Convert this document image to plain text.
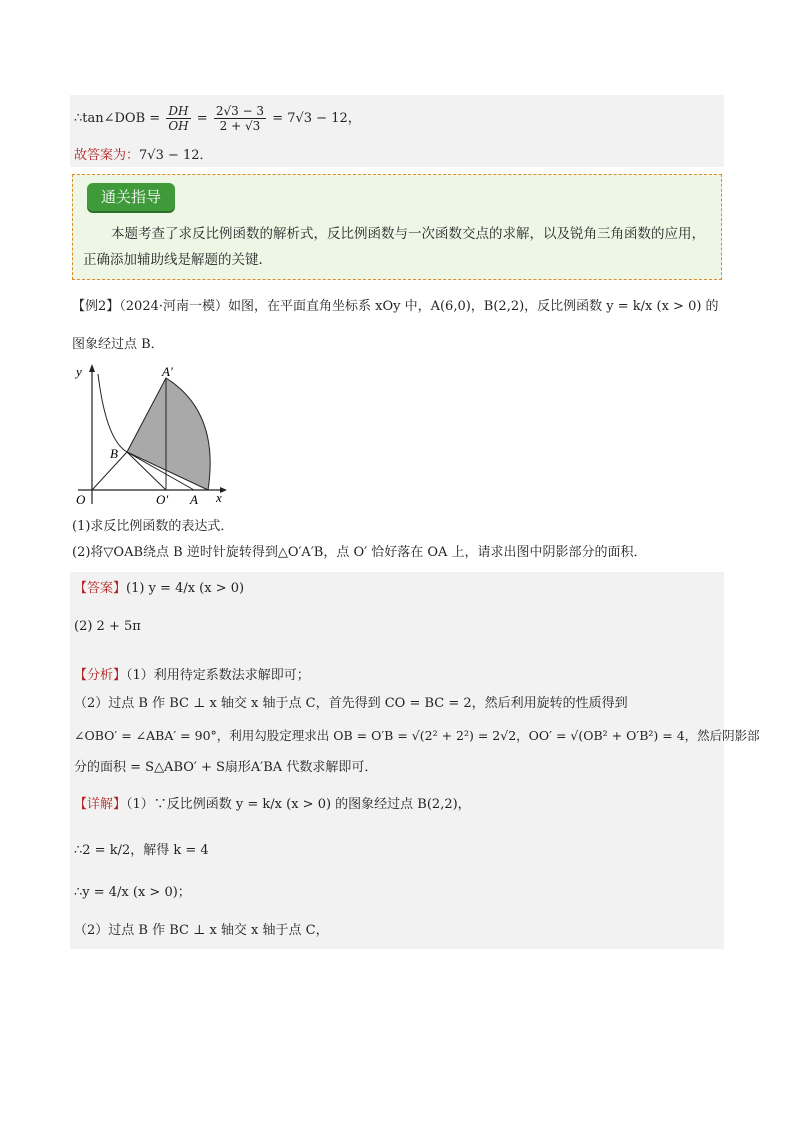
∴tan∠DOB = $\frac{DH}{OH} = \frac{2√3 - 3}{2 + √3} = 7√3 - 12$，
故答案为：7√3 − 12．
通关指导
本题考查了求反比例函数的解析式，反比例函数与一次函数交点的求解，以及锐角三角函数的应用，正确添加辅助线是解题的关键．
【例2】（2024·河南一模）如图，在平面直角坐标系 xOy 中，A(6,0)，B(2,2)，反比例函数 y = k/x (x > 0) 的
图象经过点 B．
y
x
O	O′ A
A′
B
(1)求反比例函数的表达式．
(2)将▽OAB绕点 B 逆时针旋转得到△O′A′B，点 O′ 恰好落在 OA 上，请求出图中阴影部分的面积．
【答案】(1) y = 4/x (x > 0)
(2) 2 + 5π
【分析】（1）利用待定系数法求解即可；
（2）过点 B 作 BC ⊥ x 轴交 x 轴于点 C，首先得到 CO = BC = 2，然后利用旋转的性质得到
∠OBO′ = ∠ABA′ = 90°，利用勾股定理求出 OB = O′B = √(2² + 2²) = 2√2，OO′ = √(OB² + O′B²) = 4，然后阴影部
分的面积 = S△ABO′ + S扇形A′BA 代数求解即可．
【详解】（1）∵反比例函数 y = k/x (x > 0) 的图象经过点 B(2,2)，
∴2 = k/2，解得 k = 4
∴y = 4/x (x > 0)；
（2）过点 B 作 BC ⊥ x 轴交 x 轴于点 C，
